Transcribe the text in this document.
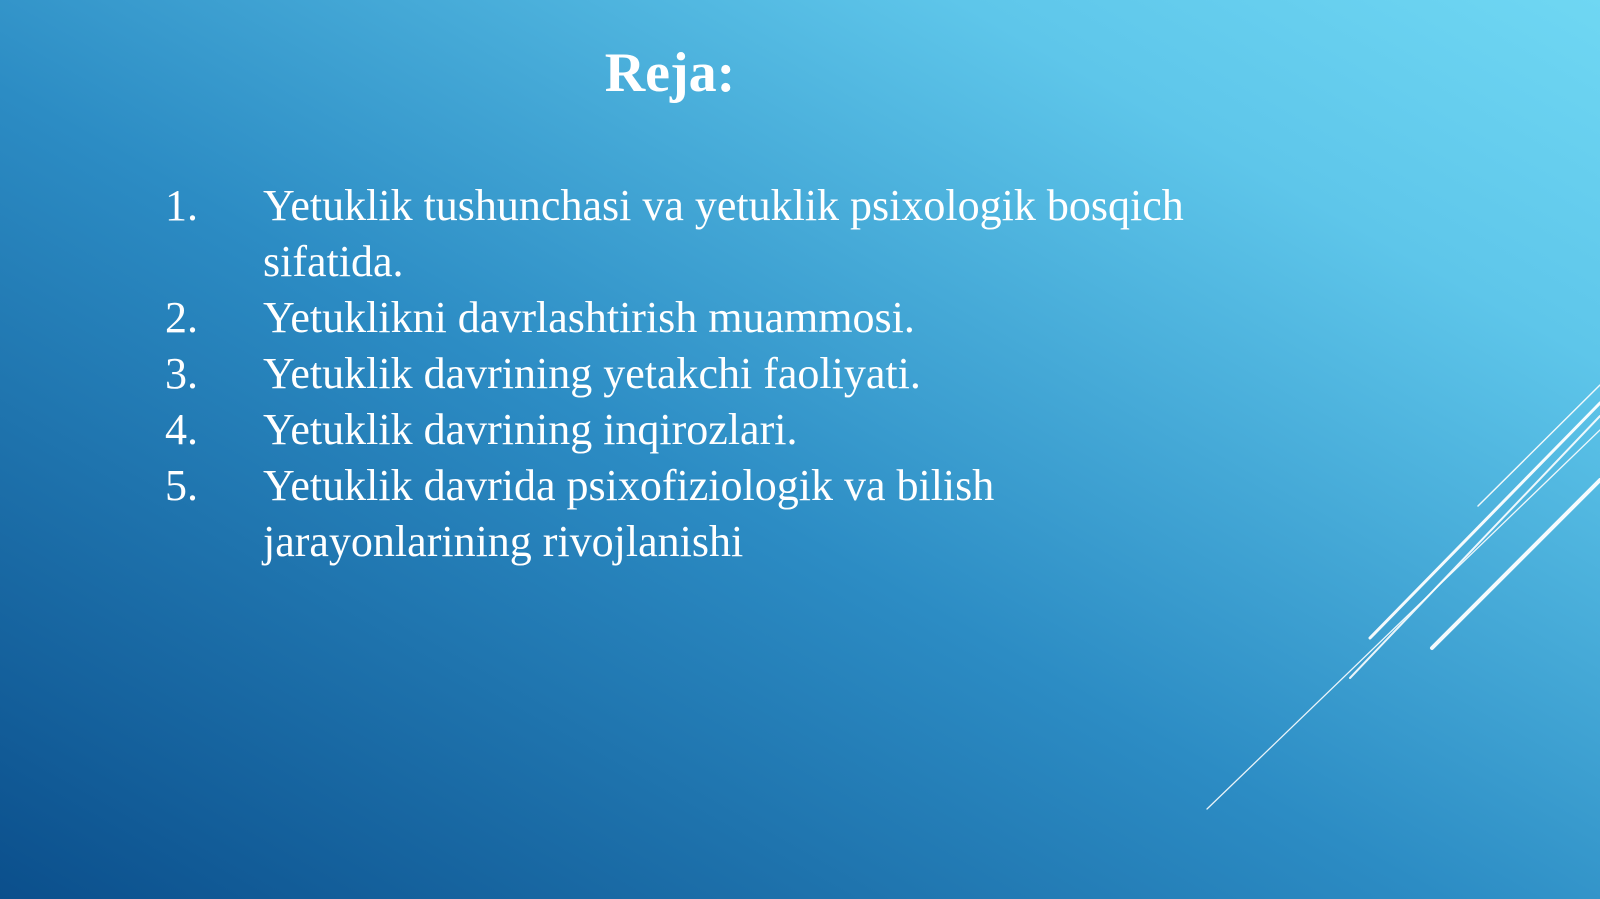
Reja:
1.	Yetuklik tushunchasi va yetuklik psixologik bosqich sifatida.
2.	Yetuklikni davrlashtirish muammosi.
3.	Yetuklik davrining yetakchi faoliyati.
4.	Yetuklik davrining inqirozlari.
5.	Yetuklik davrida psixofiziologik va bilish jarayonlarining rivojlanishi
